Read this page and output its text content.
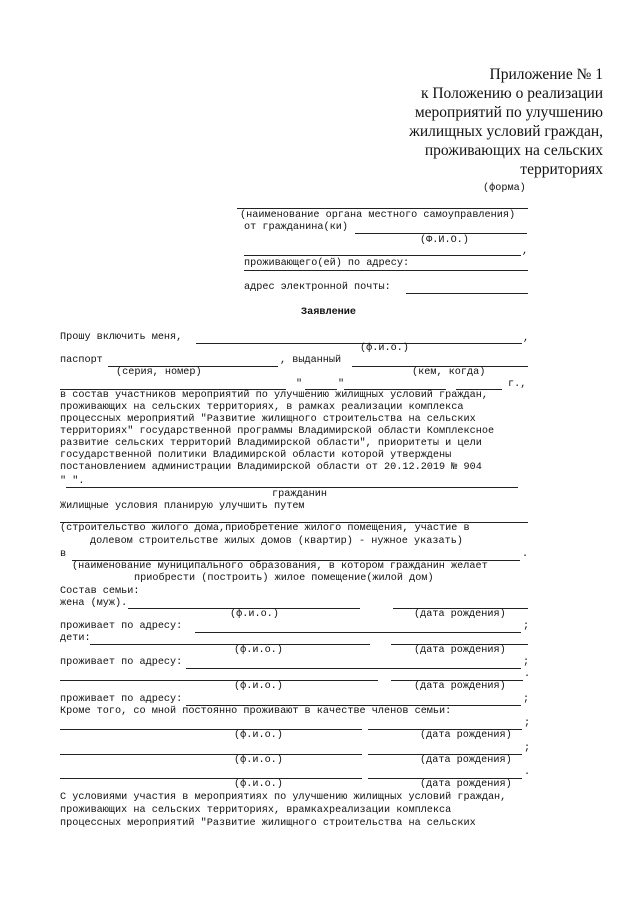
Приложение № 1
к Положению о реализации
мероприятий по улучшению
жилищных условий граждан,
проживающих на сельских
территориях
(форма)
(наименование органа местного самоуправления)
от гражданина(ки)
(Ф.И.О.)
,
проживающего(ей) по адресу:
адрес электронной почты:
Заявление
Прошу включить меня,	,
(ф.и.о.)
паспорт	, выданный
(серия, номер)	(кем, когда)
"	"	г.,
в состав участников мероприятий по улучшению жилищных условий граждан,
проживающих на сельских территориях, в рамках реализации комплекса
процессных мероприятий "Развитие жилищного строительства на сельских
территориях" государственной программы Владимирской области Комплексное
развитие сельских территорий Владимирской области", приоритеты и цели
государственной политики Владимирской области которой утверждены
постановлением администрации Владимирской области от 20.12.2019 № 904
" ".
гражданин
Жилищные условия планирую улучшить путем
(строительство жилого дома,приобретение жилого помещения, участие в
долевом строительстве жилых домов (квартир) - нужное указать)
в	.
(наименование муниципального образования, в котором гражданин желает
приобрести (построить) жилое помещение(жилой дом)
Состав семьи:
жена (муж).
(ф.и.о.)	(дата рождения)
проживает по адресу:	;
дети:
(ф.и.о.)	(дата рождения)
проживает по адресу:	;
.
(ф.и.о.)	(дата рождения)
проживает по адресу:	;
Кроме того, со мной постоянно проживают в качестве членов семьи:
;
(ф.и.о.)	(дата рождения)
;
(ф.и.о.)	(дата рождения)
.
(ф.и.о.)	(дата рождения)
С условиями участия в мероприятиях по улучшению жилищных условий граждан,
проживающих на сельских территориях, врамкахреализации комплекса
процессных мероприятий "Развитие жилищного строительства на сельских
